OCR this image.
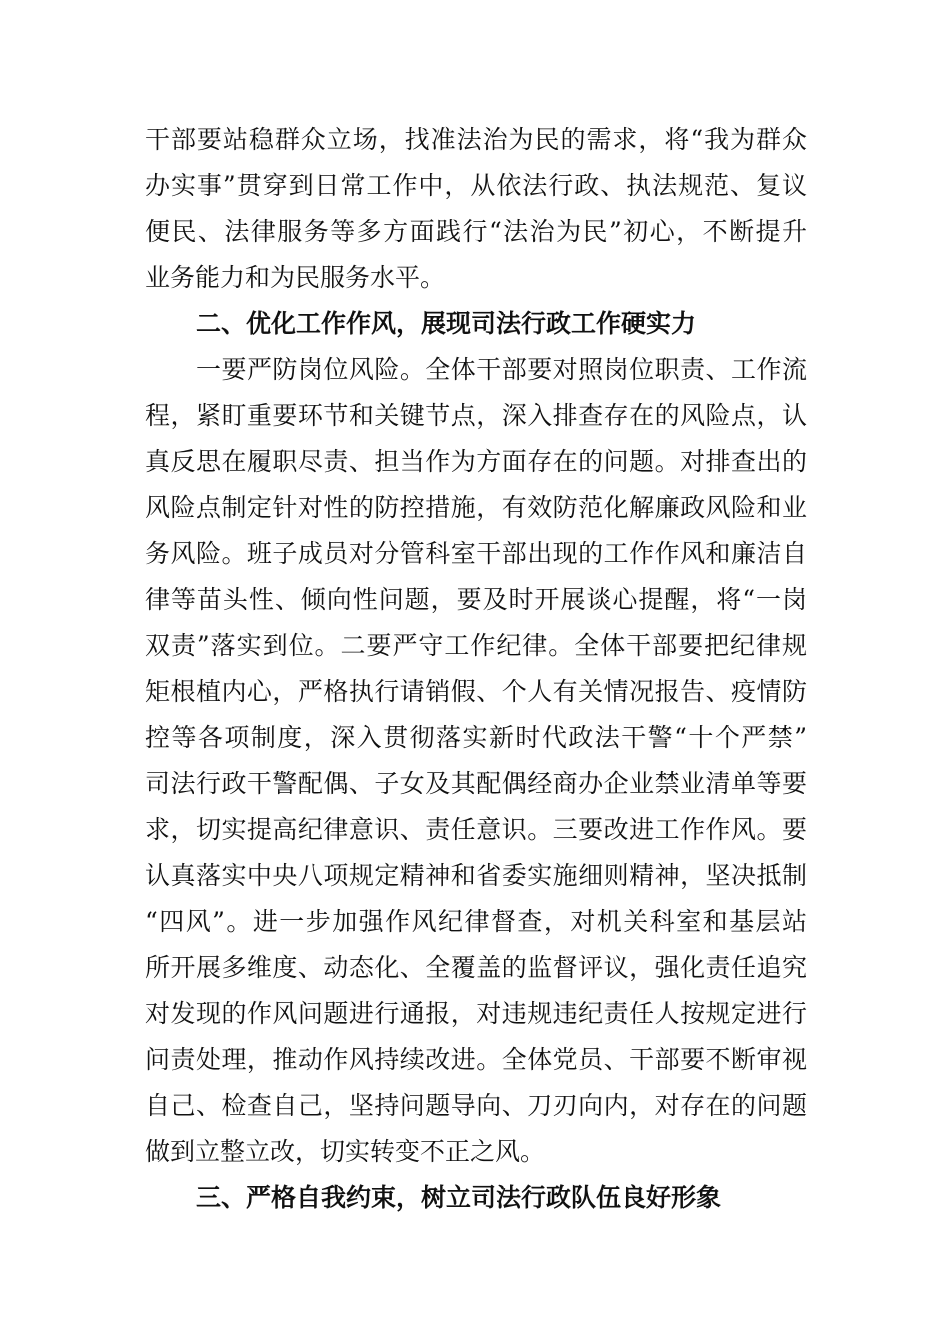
干部要站稳群众立场，找准法治为民的需求，将“我为群众
办实事”贯穿到日常工作中，从依法行政、执法规范、复议
便民、法律服务等多方面践行“法治为民”初心，不断提升
业务能力和为民服务水平。
二、优化工作作风，展现司法行政工作硬实力
一要严防岗位风险。全体干部要对照岗位职责、工作流
程，紧盯重要环节和关键节点，深入排查存在的风险点，认
真反思在履职尽责、担当作为方面存在的问题。对排查出的
风险点制定针对性的防控措施，有效防范化解廉政风险和业
务风险。班子成员对分管科室干部出现的工作作风和廉洁自
律等苗头性、倾向性问题，要及时开展谈心提醒，将“一岗
双责”落实到位。二要严守工作纪律。全体干部要把纪律规
矩根植内心，严格执行请销假、个人有关情况报告、疫情防
控等各项制度，深入贯彻落实新时代政法干警“十个严禁”
司法行政干警配偶、子女及其配偶经商办企业禁业清单等要
求，切实提高纪律意识、责任意识。三要改进工作作风。要
认真落实中央八项规定精神和省委实施细则精神，坚决抵制
“四风”。进一步加强作风纪律督查，对机关科室和基层站
所开展多维度、动态化、全覆盖的监督评议，强化责任追究
对发现的作风问题进行通报，对违规违纪责任人按规定进行
问责处理，推动作风持续改进。全体党员、干部要不断审视
自己、检查自己，坚持问题导向、刀刃向内，对存在的问题
做到立整立改，切实转变不正之风。
三、严格自我约束，树立司法行政队伍良好形象
